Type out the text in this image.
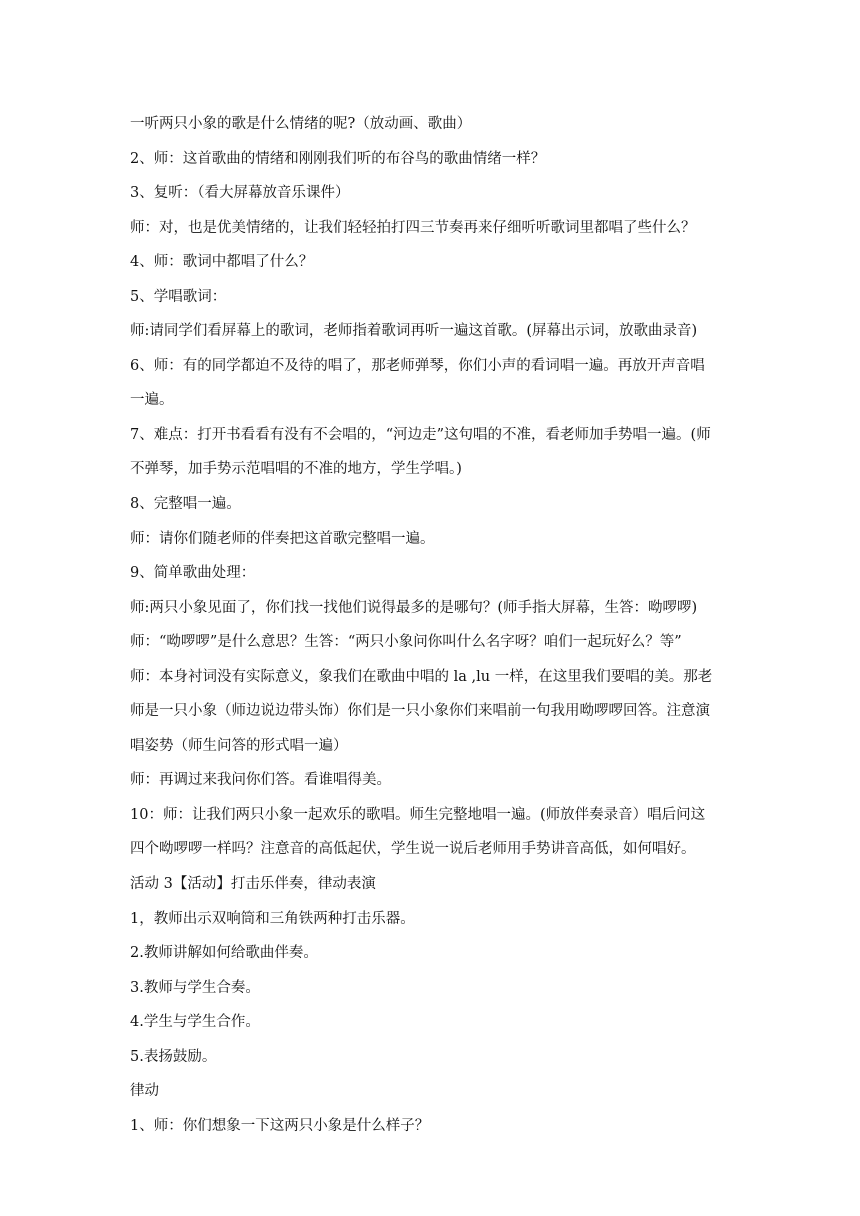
一听两只小象的歌是什么情绪的呢?（放动画、歌曲）
2、师：这首歌曲的情绪和刚刚我们听的布谷鸟的歌曲情绪一样？
3、复听：（看大屏幕放音乐课件）
师：对，也是优美情绪的，让我们轻轻拍打四三节奏再来仔细听听歌词里都唱了些什么？
4、师：歌词中都唱了什么？
5、学唱歌词：
师:请同学们看屏幕上的歌词，老师指着歌词再听一遍这首歌。(屏幕出示词，放歌曲录音)
6、师：有的同学都迫不及待的唱了，那老师弹琴，你们小声的看词唱一遍。再放开声音唱
一遍。
7、难点：打开书看看有没有不会唱的，“河边走”这句唱的不准，看老师加手势唱一遍。(师
不弹琴，加手势示范唱唱的不准的地方，学生学唱。)
8、完整唱一遍。
师：请你们随老师的伴奏把这首歌完整唱一遍。
9、简单歌曲处理：
师:两只小象见面了，你们找一找他们说得最多的是哪句？(师手指大屏幕，生答：呦啰啰)
师：“呦啰啰”是什么意思？生答：“两只小象问你叫什么名字呀？咱们一起玩好么？等”
师：本身衬词没有实际意义，象我们在歌曲中唱的 la ,lu 一样，在这里我们要唱的美。那老
师是一只小象（师边说边带头饰）你们是一只小象你们来唱前一句我用呦啰啰回答。注意演
唱姿势（师生问答的形式唱一遍）
师：再调过来我问你们答。看谁唱得美。
10：师：让我们两只小象一起欢乐的歌唱。师生完整地唱一遍。(师放伴奏录音）唱后问这
四个呦啰啰一样吗？注意音的高低起伏，学生说一说后老师用手势讲音高低，如何唱好。
活动 3【活动】打击乐伴奏，律动表演
1，教师出示双响筒和三角铁两种打击乐器。
2.教师讲解如何给歌曲伴奏。
3.教师与学生合奏。
4.学生与学生合作。
5.表扬鼓励。
律动
1、师：你们想象一下这两只小象是什么样子？
